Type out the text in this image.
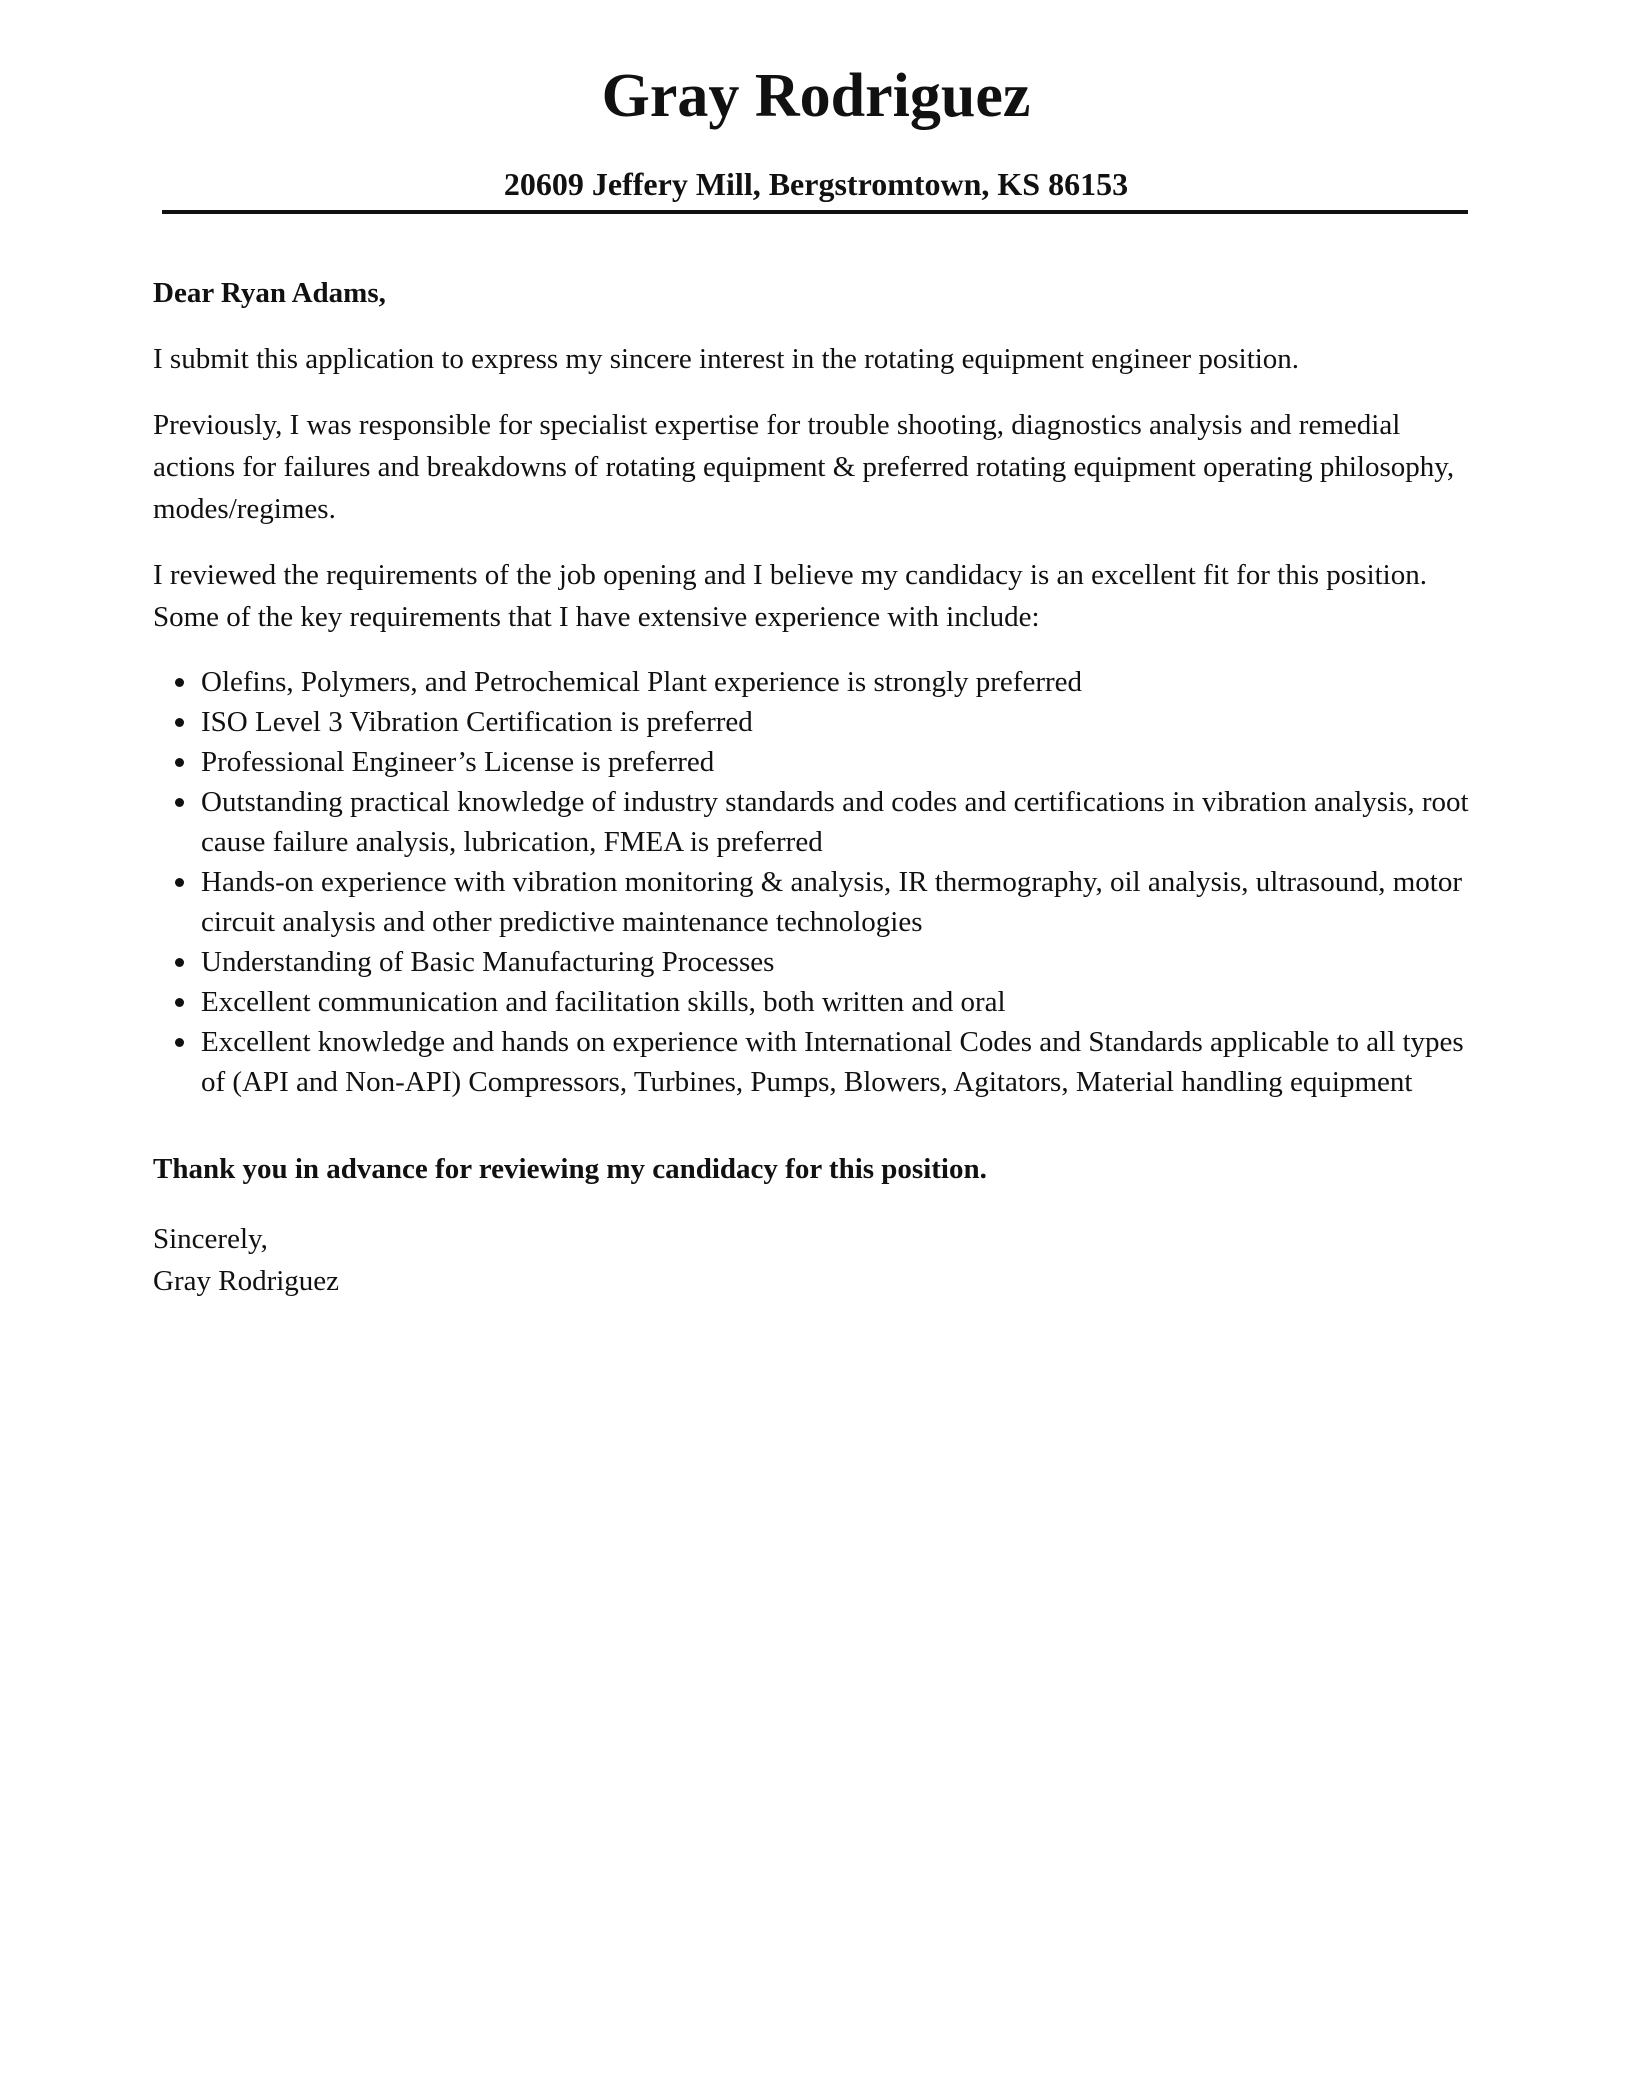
Gray Rodriguez
20609 Jeffery Mill, Bergstromtown, KS 86153

Dear Ryan Adams,

I submit this application to express my sincere interest in the rotating equipment engineer position.

Previously, I was responsible for specialist expertise for trouble shooting, diagnostics analysis and remedial actions for failures and breakdowns of rotating equipment & preferred rotating equipment operating philosophy, modes/regimes.

I reviewed the requirements of the job opening and I believe my candidacy is an excellent fit for this position. Some of the key requirements that I have extensive experience with include:

Olefins, Polymers, and Petrochemical Plant experience is strongly preferred
ISO Level 3 Vibration Certification is preferred
Professional Engineer’s License is preferred
Outstanding practical knowledge of industry standards and codes and certifications in vibration analysis, root cause failure analysis, lubrication, FMEA is preferred
Hands-on experience with vibration monitoring & analysis, IR thermography, oil analysis, ultrasound, motor circuit analysis and other predictive maintenance technologies
Understanding of Basic Manufacturing Processes
Excellent communication and facilitation skills, both written and oral
Excellent knowledge and hands on experience with International Codes and Standards applicable to all types of (API and Non-API) Compressors, Turbines, Pumps, Blowers, Agitators, Material handling equipment

Thank you in advance for reviewing my candidacy for this position.

Sincerely,

Gray Rodriguez
